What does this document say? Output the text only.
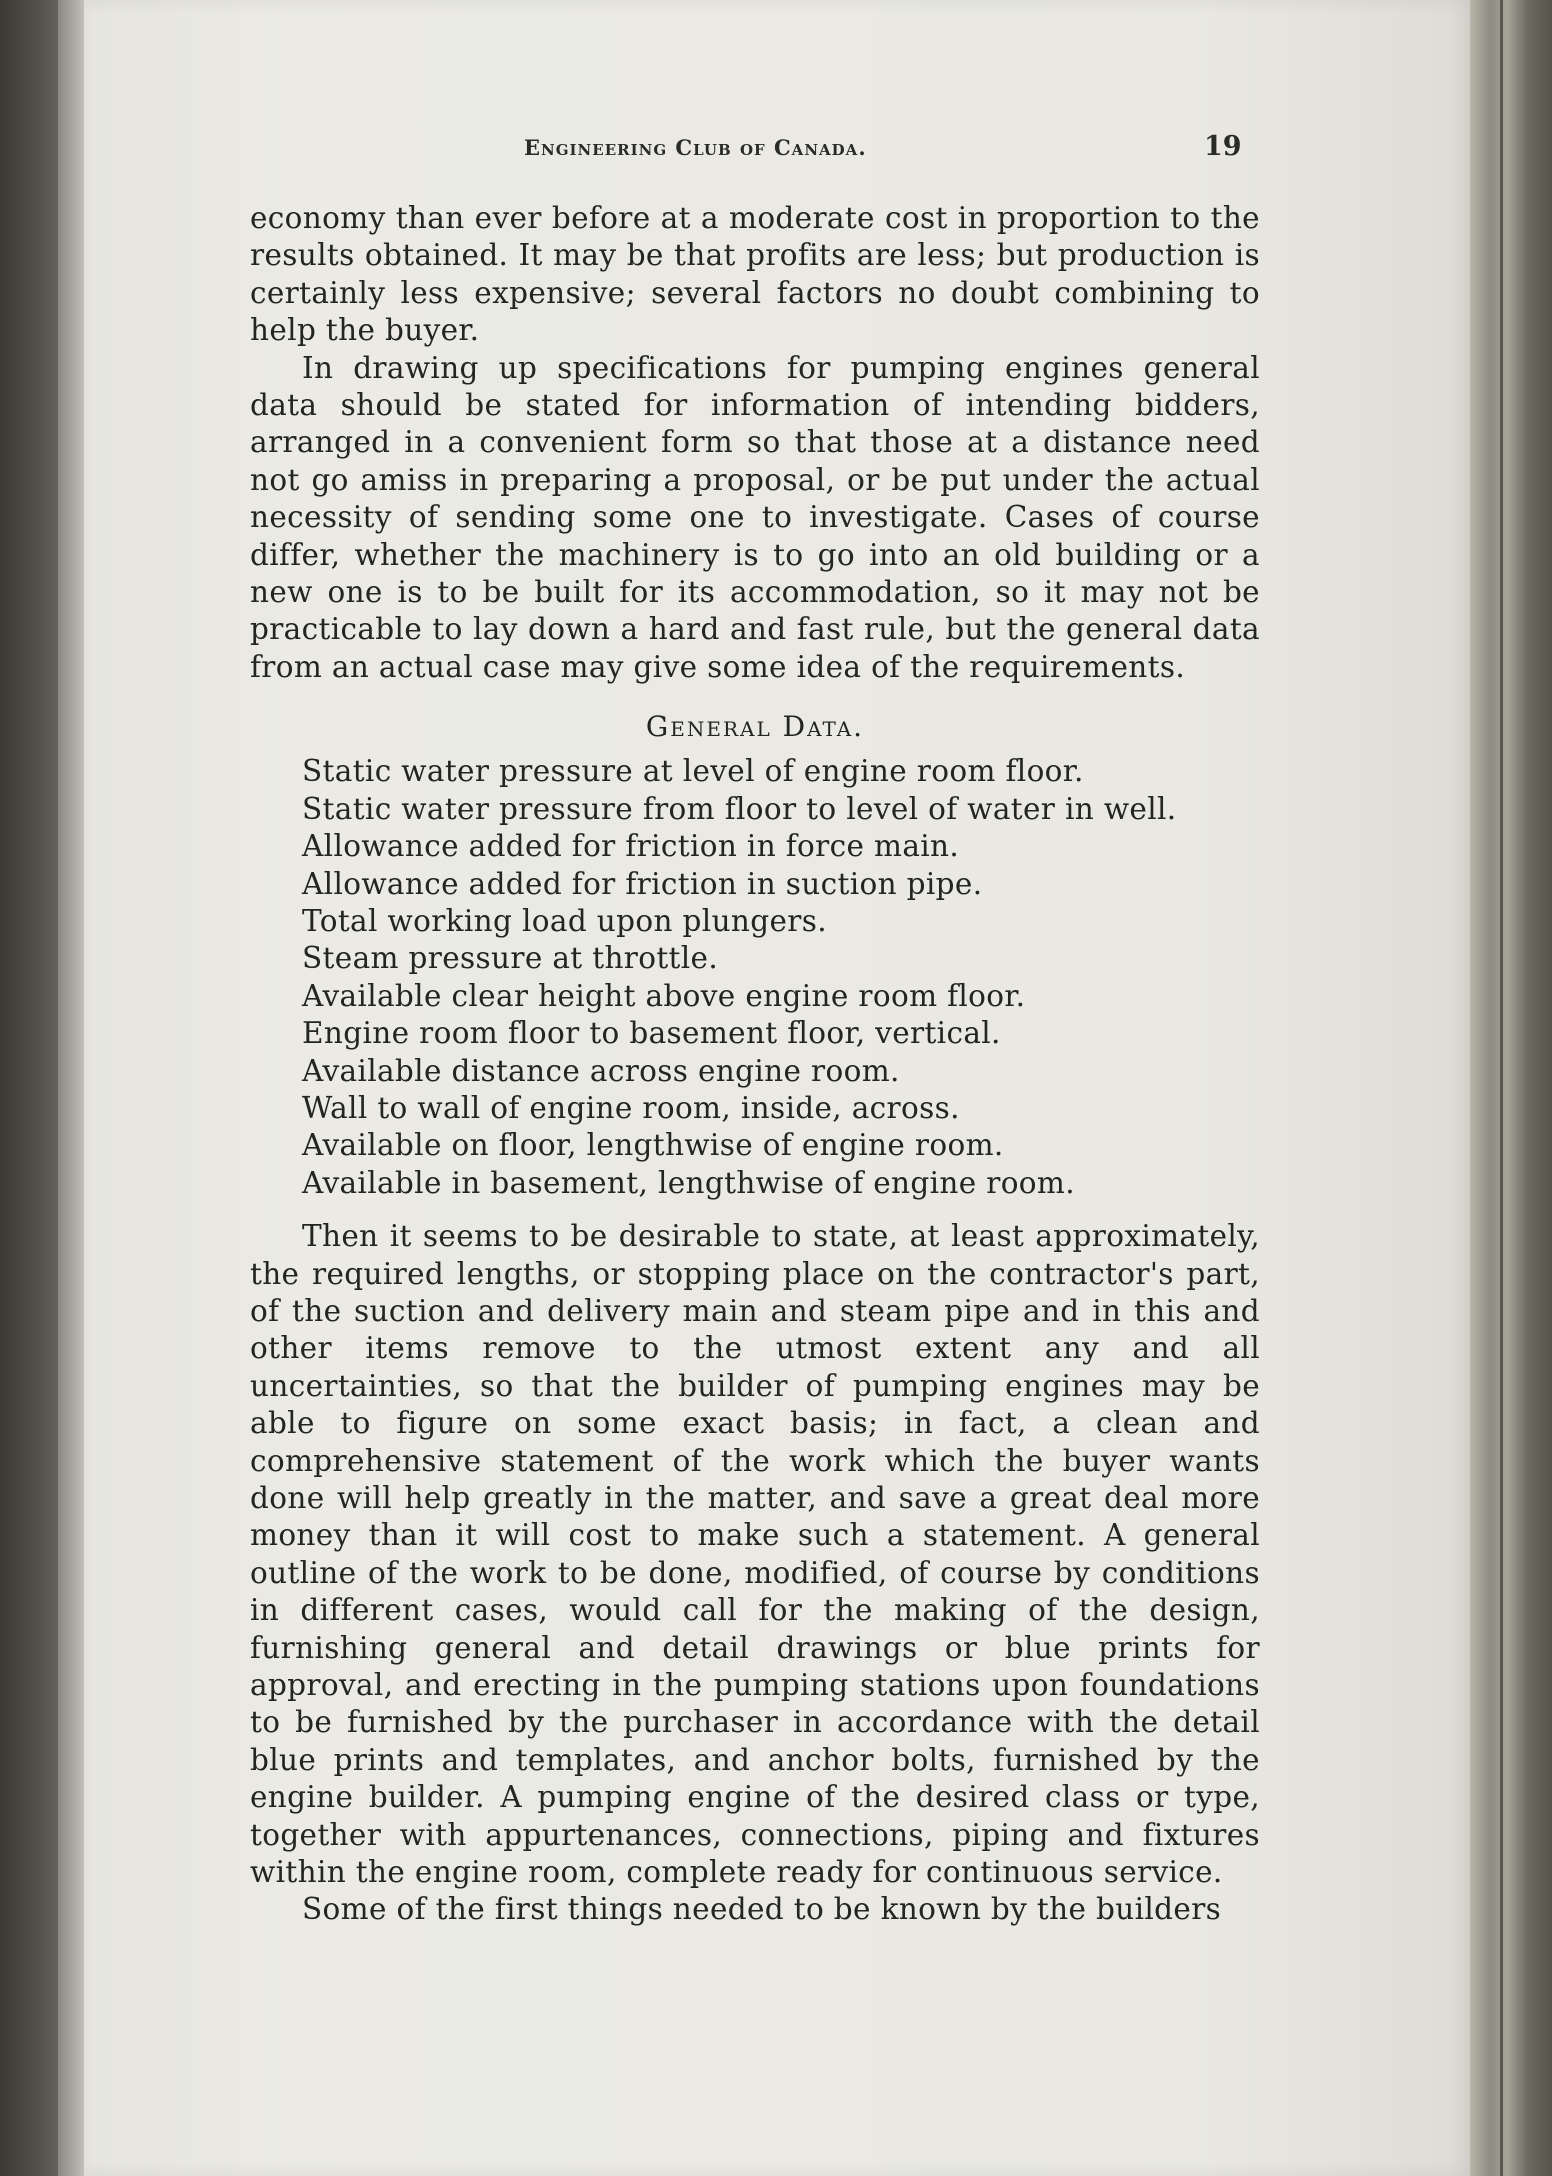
Engineering Club of Canada.	19

economy than ever before at a moderate cost in proportion to the results obtained. It may be that profits are less; but production is certainly less expensive; several factors no doubt combining to help the buyer.

In drawing up specifications for pumping engines general data should be stated for information of intending bidders, arranged in a convenient form so that those at a distance need not go amiss in preparing a proposal, or be put under the actual necessity of sending some one to investigate. Cases of course differ, whether the machinery is to go into an old building or a new one is to be built for its accommodation, so it may not be practicable to lay down a hard and fast rule, but the general data from an actual case may give some idea of the requirements.

General Data.
Static water pressure at level of engine room floor.
Static water pressure from floor to level of water in well.
Allowance added for friction in force main.
Allowance added for friction in suction pipe.
Total working load upon plungers.
Steam pressure at throttle.
Available clear height above engine room floor.
Engine room floor to basement floor, vertical.
Available distance across engine room.
Wall to wall of engine room, inside, across.
Available on floor, lengthwise of engine room.
Available in basement, lengthwise of engine room.

Then it seems to be desirable to state, at least approximately, the required lengths, or stopping place on the contractor's part, of the suction and delivery main and steam pipe and in this and other items remove to the utmost extent any and all uncertainties, so that the builder of pumping engines may be able to figure on some exact basis; in fact, a clean and comprehensive statement of the work which the buyer wants done will help greatly in the matter, and save a great deal more money than it will cost to make such a statement. A general outline of the work to be done, modified, of course by conditions in different cases, would call for the making of the design, furnishing general and detail drawings or blue prints for approval, and erecting in the pumping stations upon foundations to be furnished by the purchaser in accordance with the detail blue prints and templates, and anchor bolts, furnished by the engine builder. A pumping engine of the desired class or type, together with appurtenances, connections, piping and fixtures within the engine room, complete ready for continuous service.

Some of the first things needed to be known by the builders
